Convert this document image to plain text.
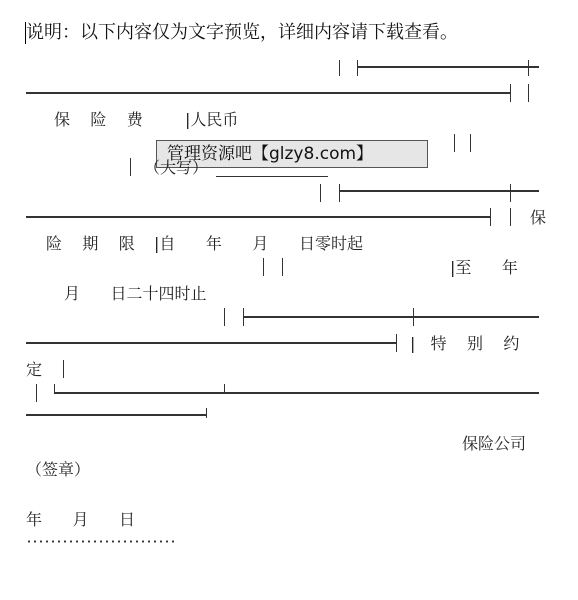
说明：以下内容仅为文字预览，详细内容请下载查看。
保    险    费	|人民币
管理资源吧【glzy8.com】
（大写）
保
险    期    限 |自      年      月      日零时起
|至      年
月      日二十四时止
|   特    别    约
定
保险公司
（签章）
年      月      日
